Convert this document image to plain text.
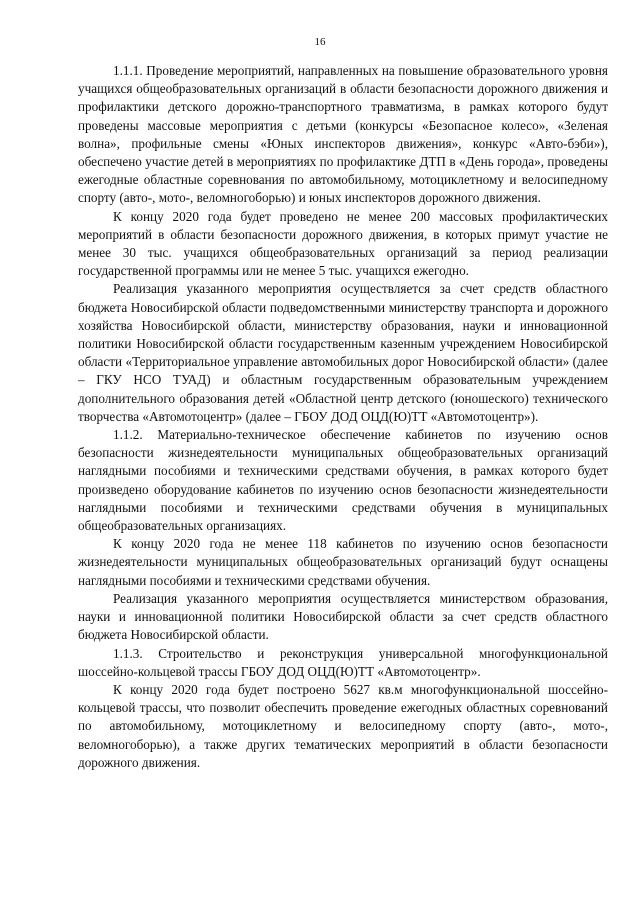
16

1.1.1. Проведение мероприятий, направленных на повышение образовательного уровня учащихся общеобразовательных организаций в области безопасности дорожного движения и профилактики детского дорожно-транспортного травматизма, в рамках которого будут проведены массовые мероприятия с детьми (конкурсы «Безопасное колесо», «Зеленая волна», профильные смены «Юных инспекторов движения», конкурс «Авто-бэби»), обеспечено участие детей в мероприятиях по профилактике ДТП в «День города», проведены ежегодные областные соревнования по автомобильному, мотоциклетному и велосипедному спорту (авто-, мото-, веломногоборью) и юных инспекторов дорожного движения.

К концу 2020 года будет проведено не менее 200 массовых профилактических мероприятий в области безопасности дорожного движения, в которых примут участие не менее 30 тыс. учащихся общеобразовательных организаций за период реализации государственной программы или не менее 5 тыс. учащихся ежегодно.

Реализация указанного мероприятия осуществляется за счет средств областного бюджета Новосибирской области подведомственными министерству транспорта и дорожного хозяйства Новосибирской области, министерству образования, науки и инновационной политики Новосибирской области государственным казенным учреждением Новосибирской области «Территориальное управление автомобильных дорог Новосибирской области» (далее – ГКУ НСО ТУАД) и областным государственным образовательным учреждением дополнительного образования детей «Областной центр детского (юношеского) технического творчества «Автомотоцентр» (далее – ГБОУ ДОД ОЦД(Ю)ТТ «Автомотоцентр»).

1.1.2. Материально-техническое обеспечение кабинетов по изучению основ безопасности жизнедеятельности муниципальных общеобразовательных организаций наглядными пособиями и техническими средствами обучения, в рамках которого будет произведено оборудование кабинетов по изучению основ безопасности жизнедеятельности наглядными пособиями и техническими средствами обучения в муниципальных общеобразовательных организациях.

К концу 2020 года не менее 118 кабинетов по изучению основ безопасности жизнедеятельности муниципальных общеобразовательных организаций будут оснащены наглядными пособиями и техническими средствами обучения.

Реализация указанного мероприятия осуществляется министерством образования, науки и инновационной политики Новосибирской области за счет средств областного бюджета Новосибирской области.

1.1.3. Строительство и реконструкция универсальной многофункциональной шоссейно-кольцевой трассы ГБОУ ДОД ОЦД(Ю)ТТ «Автомотоцентр».

К концу 2020 года будет построено 5627 кв.м многофункциональной шоссейно-кольцевой трассы, что позволит обеспечить проведение ежегодных областных соревнований по автомобильному, мотоциклетному и велосипедному спорту (авто-, мото-, веломногоборью), а также других тематических мероприятий в области безопасности дорожного движения.
